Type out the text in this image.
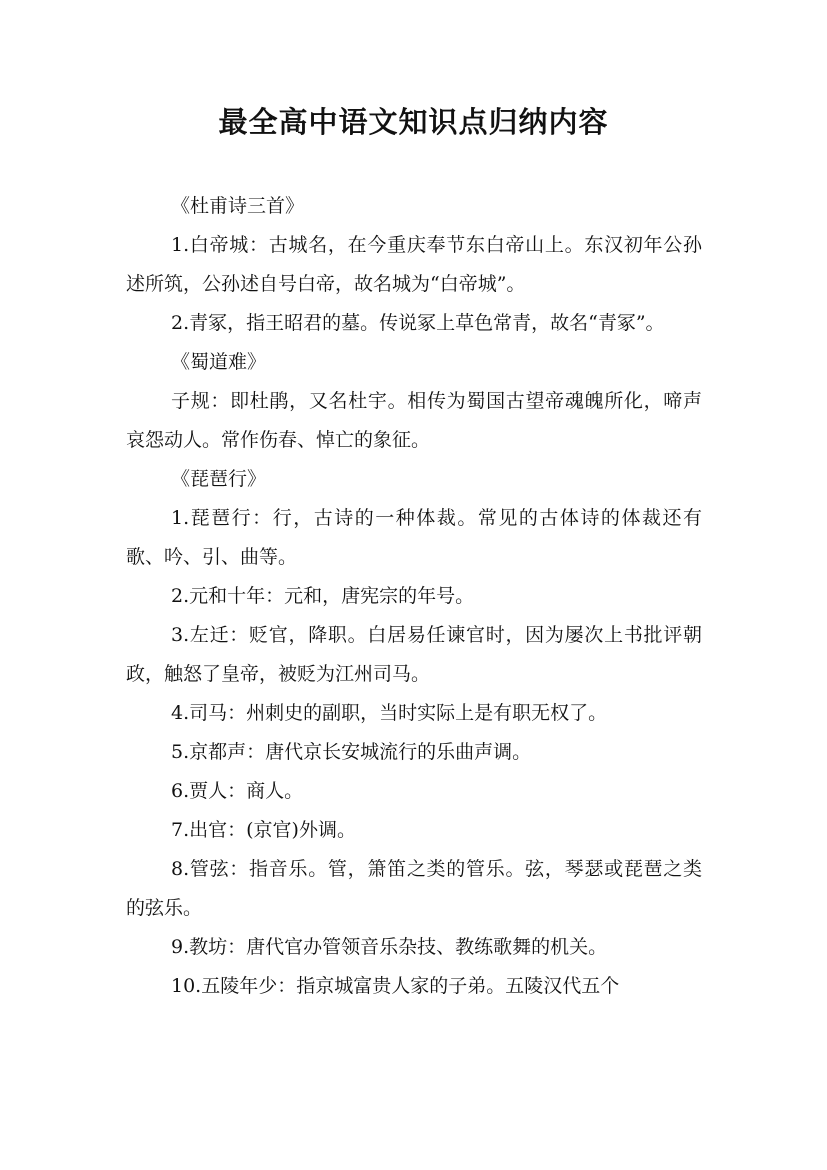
最全高中语文知识点归纳内容

《杜甫诗三首》

1.白帝城：古城名，在今重庆奉节东白帝山上。东汉初年公孙述所筑，公孙述自号白帝，故名城为“白帝城”。

2.青冢，指王昭君的墓。传说冢上草色常青，故名“青冢”。

《蜀道难》

子规：即杜鹃，又名杜宇。相传为蜀国古望帝魂魄所化，啼声哀怨动人。常作伤春、悼亡的象征。

《琵琶行》

1.琵琶行：行，古诗的一种体裁。常见的古体诗的体裁还有歌、吟、引、曲等。

2.元和十年：元和，唐宪宗的年号。

3.左迁：贬官，降职。白居易任谏官时，因为屡次上书批评朝政，触怒了皇帝，被贬为江州司马。

4.司马：州刺史的副职，当时实际上是有职无权了。

5.京都声：唐代京长安城流行的乐曲声调。

6.贾人：商人。

7.出官：(京官)外调。

8.管弦：指音乐。管，箫笛之类的管乐。弦，琴瑟或琵琶之类的弦乐。

9.教坊：唐代官办管领音乐杂技、教练歌舞的机关。

10.五陵年少：指京城富贵人家的子弟。五陵汉代五个
